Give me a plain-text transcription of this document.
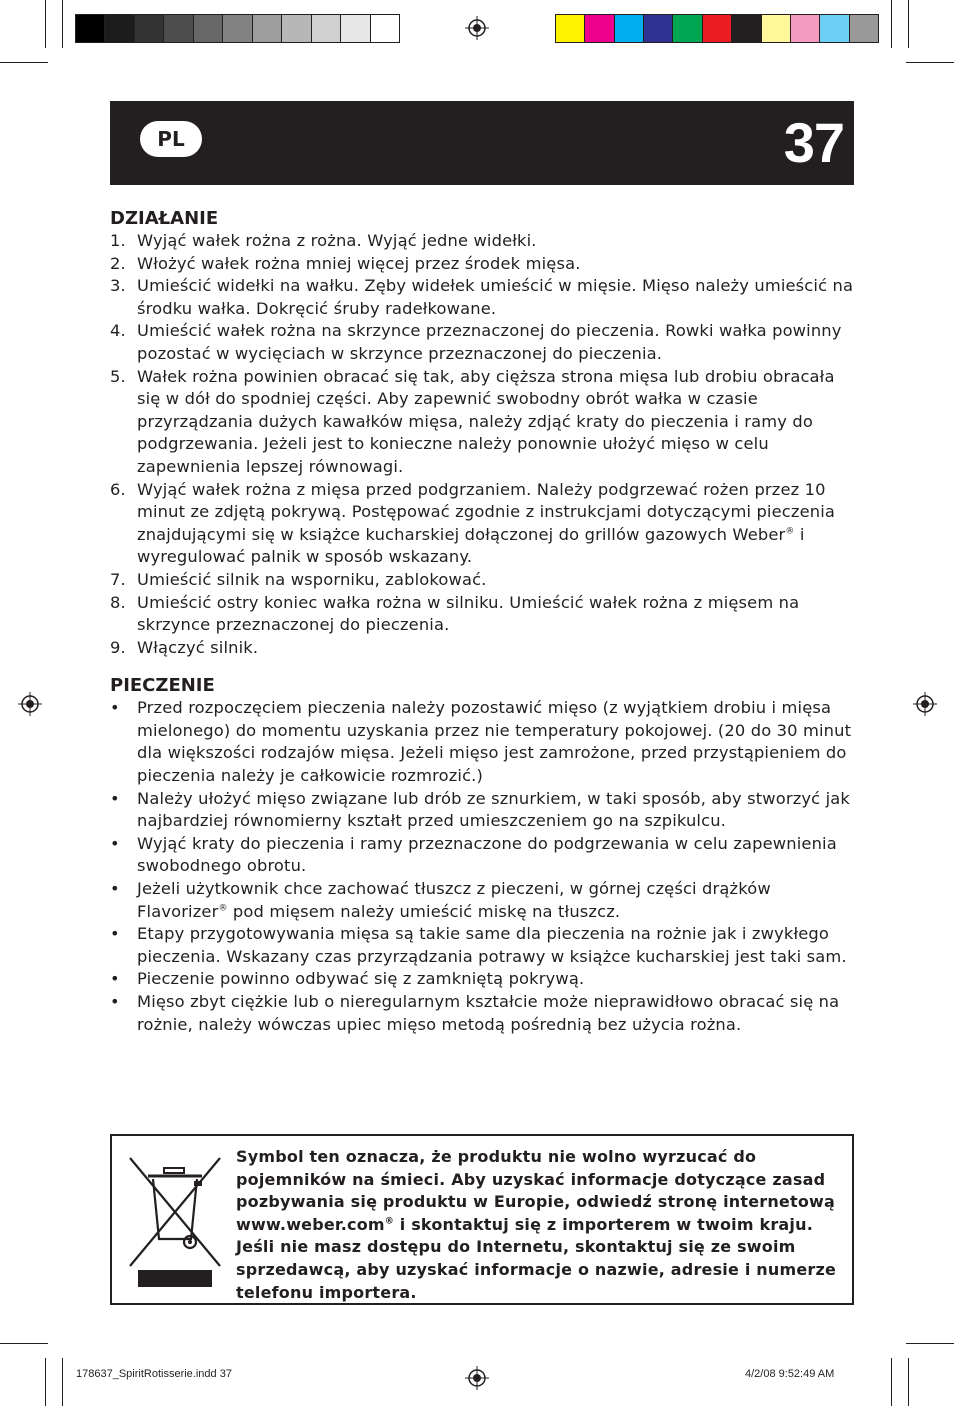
PL	37
DZIAŁANIE
1. Wyjąć wałek rożna z rożna. Wyjąć jedne widełki.
2. Włożyć wałek rożna mniej więcej przez środek mięsa.
3. Umieścić widełki na wałku. Zęby widełek umieścić w mięsie. Mięso należy umieścić na środku wałka. Dokręcić śruby radełkowane.
4. Umieścić wałek rożna na skrzynce przeznaczonej do pieczenia. Rowki wałka powinny pozostać w wycięciach w skrzynce przeznaczonej do pieczenia.
5. Wałek rożna powinien obracać się tak, aby cięższa strona mięsa lub drobiu obracała się w dół do spodniej części. Aby zapewnić swobodny obrót wałka w czasie przyrządzania dużych kawałków mięsa, należy zdjąć kraty do pieczenia i ramy do podgrzewania. Jeżeli jest to konieczne należy ponownie ułożyć mięso w celu zapewnienia lepszej równowagi.
6. Wyjąć wałek rożna z mięsa przed podgrzaniem. Należy podgrzewać rożen przez 10 minut ze zdjętą pokrywą. Postępować zgodnie z instrukcjami dotyczącymi pieczenia znajdującymi się w książce kucharskiej dołączonej do grillów gazowych Weber® i wyregulować palnik w sposób wskazany.
7. Umieścić silnik na wsporniku, zablokować.
8. Umieścić ostry koniec wałka rożna w silniku. Umieścić wałek rożna z mięsem na skrzynce przeznaczonej do pieczenia.
9. Włączyć silnik.
PIECZENIE
• Przed rozpoczęciem pieczenia należy pozostawić mięso (z wyjątkiem drobiu i mięsa mielonego) do momentu uzyskania przez nie temperatury pokojowej. (20 do 30 minut dla większości rodzajów mięsa. Jeżeli mięso jest zamrożone, przed przystąpieniem do pieczenia należy je całkowicie rozmrozić.)
• Należy ułożyć mięso związane lub drób ze sznurkiem, w taki sposób, aby stworzyć jak najbardziej równomierny kształt przed umieszczeniem go na szpikulcu.
• Wyjąć kraty do pieczenia i ramy przeznaczone do podgrzewania w celu zapewnienia swobodnego obrotu.
• Jeżeli użytkownik chce zachować tłuszcz z pieczeni, w górnej części drążków Flavorizer® pod mięsem należy umieścić miskę na tłuszcz.
• Etapy przygotowywania mięsa są takie same dla pieczenia na rożnie jak i zwykłego pieczenia. Wskazany czas przyrządzania potrawy w książce kucharskiej jest taki sam.
• Pieczenie powinno odbywać się z zamkniętą pokrywą.
• Mięso zbyt ciężkie lub o nieregularnym kształcie może nieprawidłowo obracać się na rożnie, należy wówczas upiec mięso metodą pośrednią bez użycia rożna.
Symbol ten oznacza, że produktu nie wolno wyrzucać do pojemników na śmieci. Aby uzyskać informacje dotyczące zasad pozbywania się produktu w Europie, odwiedź stronę internetową www.weber.com® i skontaktuj się z importerem w twoim kraju. Jeśli nie masz dostępu do Internetu, skontaktuj się ze swoim sprzedawcą, aby uzyskać informacje o nazwie, adresie i numerze telefonu importera.
178637_SpiritRotisserie.indd 37	4/2/08 9:52:49 AM
